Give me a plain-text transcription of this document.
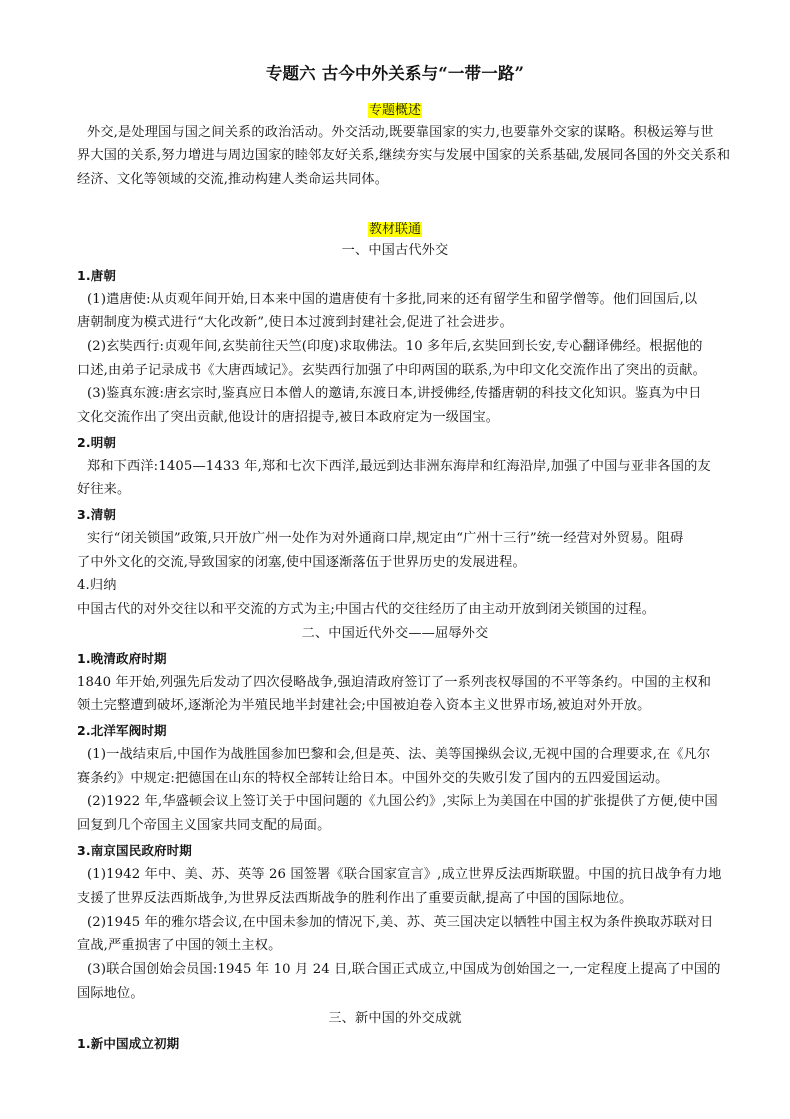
专题六 古今中外关系与“一带一路”
专题概述
外交,是处理国与国之间关系的政治活动。外交活动,既要靠国家的实力,也要靠外交家的谋略。积极运筹与世
界大国的关系,努力增进与周边国家的睦邻友好关系,继续夯实与发展中国家的关系基础,发展同各国的外交关系和
经济、文化等领域的交流,推动构建人类命运共同体。
教材联通
一、中国古代外交
1.唐朝
(1)遣唐使:从贞观年间开始,日本来中国的遣唐使有十多批,同来的还有留学生和留学僧等。他们回国后,以
唐朝制度为模式进行“大化改新”,使日本过渡到封建社会,促进了社会进步。
(2)玄奘西行:贞观年间,玄奘前往天竺(印度)求取佛法。10 多年后,玄奘回到长安,专心翻译佛经。根据他的
口述,由弟子记录成书《大唐西域记》。玄奘西行加强了中印两国的联系,为中印文化交流作出了突出的贡献。
(3)鉴真东渡:唐玄宗时,鉴真应日本僧人的邀请,东渡日本,讲授佛经,传播唐朝的科技文化知识。鉴真为中日
文化交流作出了突出贡献,他设计的唐招提寺,被日本政府定为一级国宝。
2.明朝
郑和下西洋:1405—1433 年,郑和七次下西洋,最远到达非洲东海岸和红海沿岸,加强了中国与亚非各国的友
好往来。
3.清朝
实行“闭关锁国”政策,只开放广州一处作为对外通商口岸,规定由“广州十三行”统一经营对外贸易。阻碍
了中外文化的交流,导致国家的闭塞,使中国逐渐落伍于世界历史的发展进程。
4.归纳
中国古代的对外交往以和平交流的方式为主;中国古代的交往经历了由主动开放到闭关锁国的过程。
二、中国近代外交——屈辱外交
1.晚清政府时期
1840 年开始,列强先后发动了四次侵略战争,强迫清政府签订了一系列丧权辱国的不平等条约。中国的主权和
领土完整遭到破坏,逐渐沦为半殖民地半封建社会;中国被迫卷入资本主义世界市场,被迫对外开放。
2.北洋军阀时期
(1)一战结束后,中国作为战胜国参加巴黎和会,但是英、法、美等国操纵会议,无视中国的合理要求,在《凡尔
赛条约》中规定:把德国在山东的特权全部转让给日本。中国外交的失败引发了国内的五四爱国运动。
(2)1922 年,华盛顿会议上签订关于中国问题的《九国公约》,实际上为美国在中国的扩张提供了方便,使中国
回复到几个帝国主义国家共同支配的局面。
3.南京国民政府时期
(1)1942 年中、美、苏、英等 26 国签署《联合国家宣言》,成立世界反法西斯联盟。中国的抗日战争有力地
支援了世界反法西斯战争,为世界反法西斯战争的胜利作出了重要贡献,提高了中国的国际地位。
(2)1945 年的雅尔塔会议,在中国未参加的情况下,美、苏、英三国决定以牺牲中国主权为条件换取苏联对日
宣战,严重损害了中国的领土主权。
(3)联合国创始会员国:1945 年 10 月 24 日,联合国正式成立,中国成为创始国之一,一定程度上提高了中国的
国际地位。
三、新中国的外交成就
1.新中国成立初期
